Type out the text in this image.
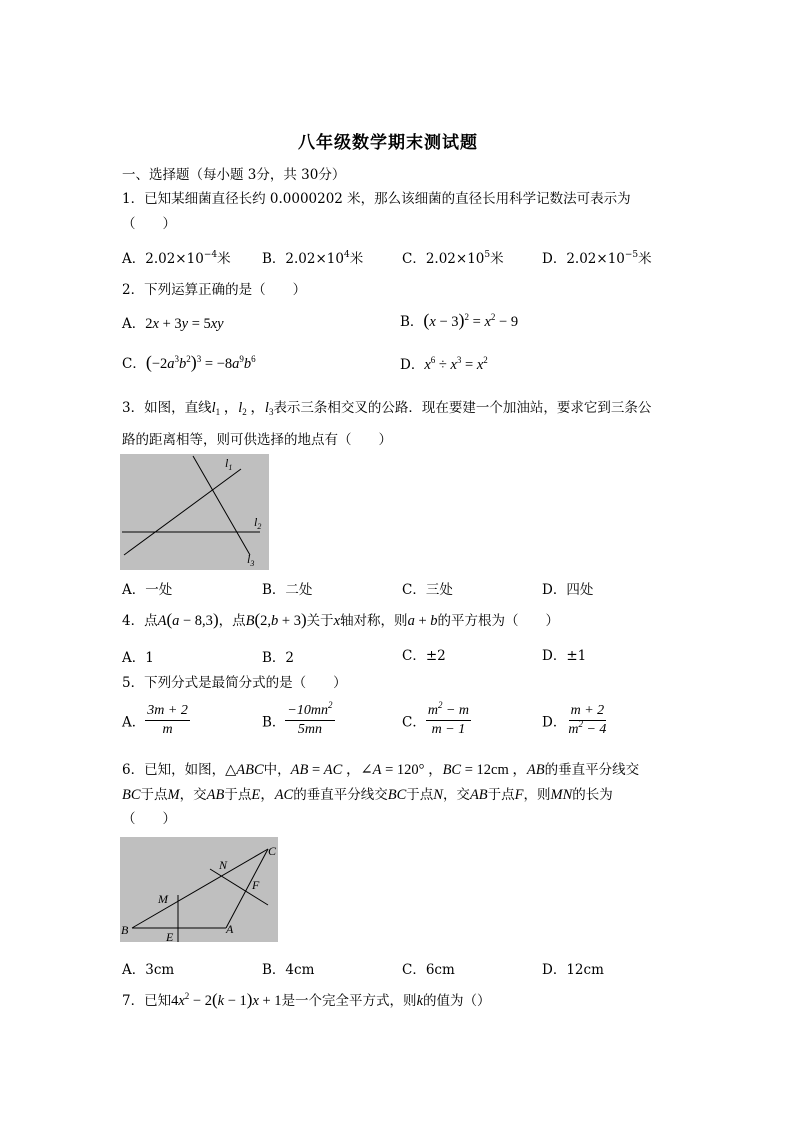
八年级数学期末测试题
一、选择题（每小题 3分，共 30分）
1．已知某细菌直径长约 0.0000202 米，那么该细菌的直径长用科学记数法可表示为
（　　）
A．$2.02\times 10^{-4}$米 B．$2.02\times 10^4$米	C．$2.02\times 10^5$米	D．$2.02\times 10^{-5}$米
2．下列运算正确的是（　　）
A．2x + 3y = 5xy	B．$(x - 3)^2 = x^2 - 9$
C．$(-2a^3b^2)^3 = -8a^9b^6$	D．$x^6 \div x^3 = x^2$
3．如图，直线$l_1$ ，$l_2$ ，$l_3$表示三条相交叉的公路．现在要建一个加油站，要求它到三条公
路的距离相等，则可供选择的地点有（　　）
$l_1$
$l_2$
$l_3$
A．一处	B．二处	C．三处	D．四处
4．点A(a − 8,3)，点B(2,b + 3)关于x轴对称，则a + b的平方根为（　　）
A．1	B．2	C．±2	D．±1
5．下列分式是最简分式的是（　　）
A． $\frac{3m + 2}{m}$	B． $\frac{-10mn^2}{5mn}$	C． $\frac{m^2 - m}{m - 1}$	D． $\frac{m + 2}{m^2 - 4}$
6．已知，如图，△ABC中，AB = AC ，∠A = 120° ，BC = 12cm ，AB的垂直平分线交
BC于点M，交AB于点E，AC的垂直平分线交BC于点N，交AB于点F，则MN的长为
（　　）
B	A
C
E
F
M
N
A．3cm	B．4cm	C．6cm	D．12cm
7．已知$4x^2 - 2(k - 1)x + 1$是一个完全平方式，则k的值为（）
